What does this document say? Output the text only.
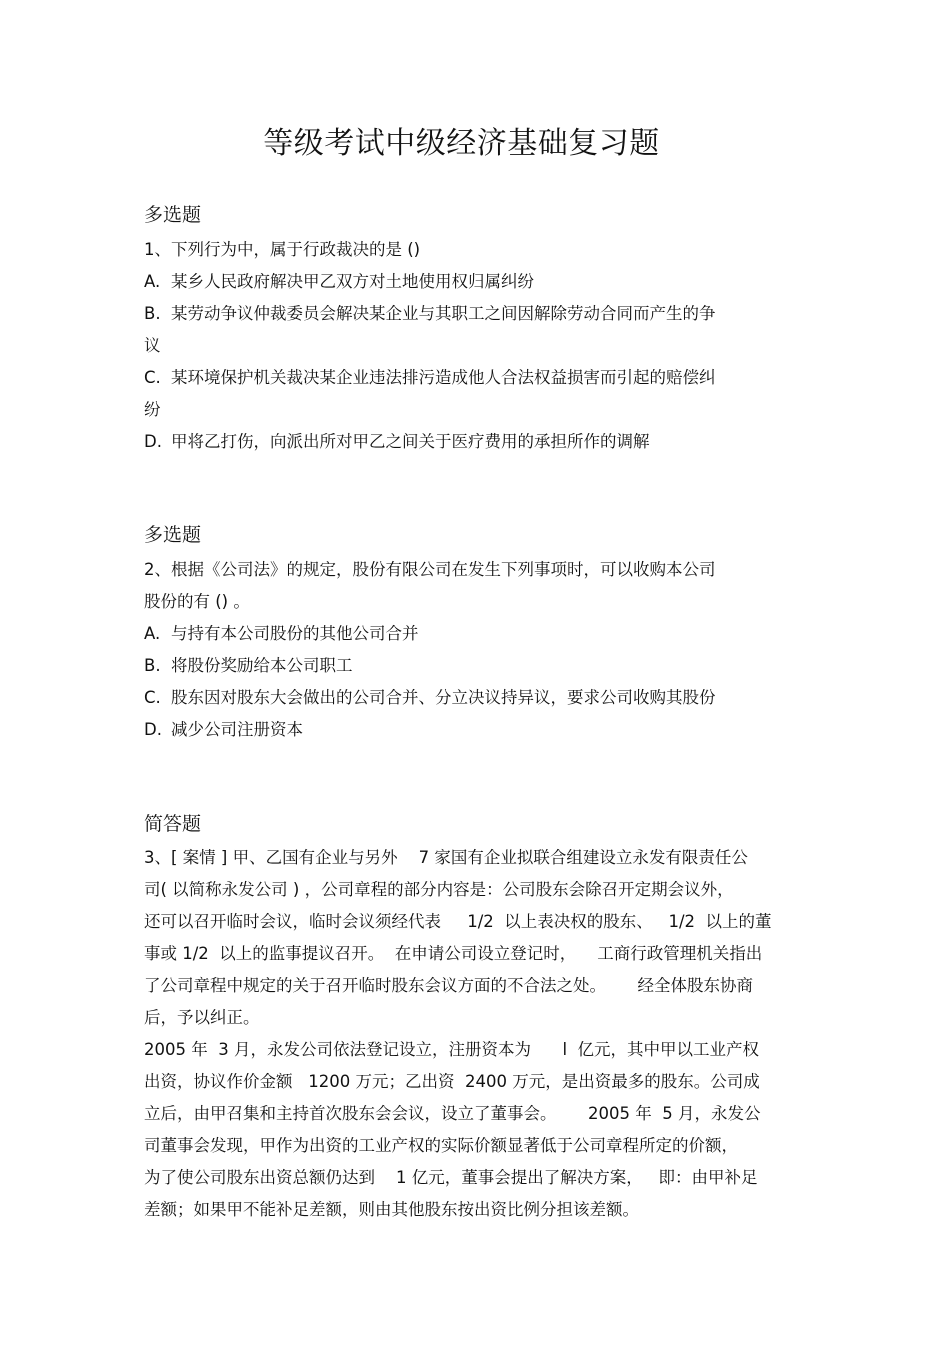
等级考试中级经济基础复习题
多选题
1、下列行为中，属于行政裁决的是 ()
A. 某乡人民政府解决甲乙双方对土地使用权归属纠纷
B. 某劳动争议仲裁委员会解决某企业与其职工之间因解除劳动合同而产生的争
议
C. 某环境保护机关裁决某企业违法排污造成他人合法权益损害而引起的赔偿纠
纷
D. 甲将乙打伤，向派出所对甲乙之间关于医疗费用的承担所作的调解
多选题
2、根据《公司法》的规定，股份有限公司在发生下列事项时，可以收购本公司
股份的有 () 。
A. 与持有本公司股份的其他公司合并
B. 将股份奖励给本公司职工
C. 股东因对股东大会做出的公司合并、分立决议持异议，要求公司收购其股份
D. 减少公司注册资本
简答题
3、[ 案情 ] 甲、乙国有企业与另外    7 家国有企业拟联合组建设立永发有限责任公
司( 以简称永发公司 ) ，公司章程的部分内容是：公司股东会除召开定期会议外，
还可以召开临时会议，临时会议须经代表     1/2  以上表决权的股东、   1/2  以上的董
事或 1/2  以上的监事提议召开。  在申请公司设立登记时，    工商行政管理机关指出
了公司章程中规定的关于召开临时股东会议方面的不合法之处。      经全体股东协商
后，予以纠正。
2005 年  3 月，永发公司依法登记设立，注册资本为      l  亿元，其中甲以工业产权
出资，协议作价金额   1200 万元；乙出资  2400 万元，是出资最多的股东。公司成
立后，由甲召集和主持首次股东会会议，设立了董事会。      2005 年  5 月，永发公
司董事会发现，甲作为出资的工业产权的实际价额显著低于公司章程所定的价额，
为了使公司股东出资总额仍达到    1 亿元，董事会提出了解决方案，   即：由甲补足
差额；如果甲不能补足差额，则由其他股东按出资比例分担该差额。
